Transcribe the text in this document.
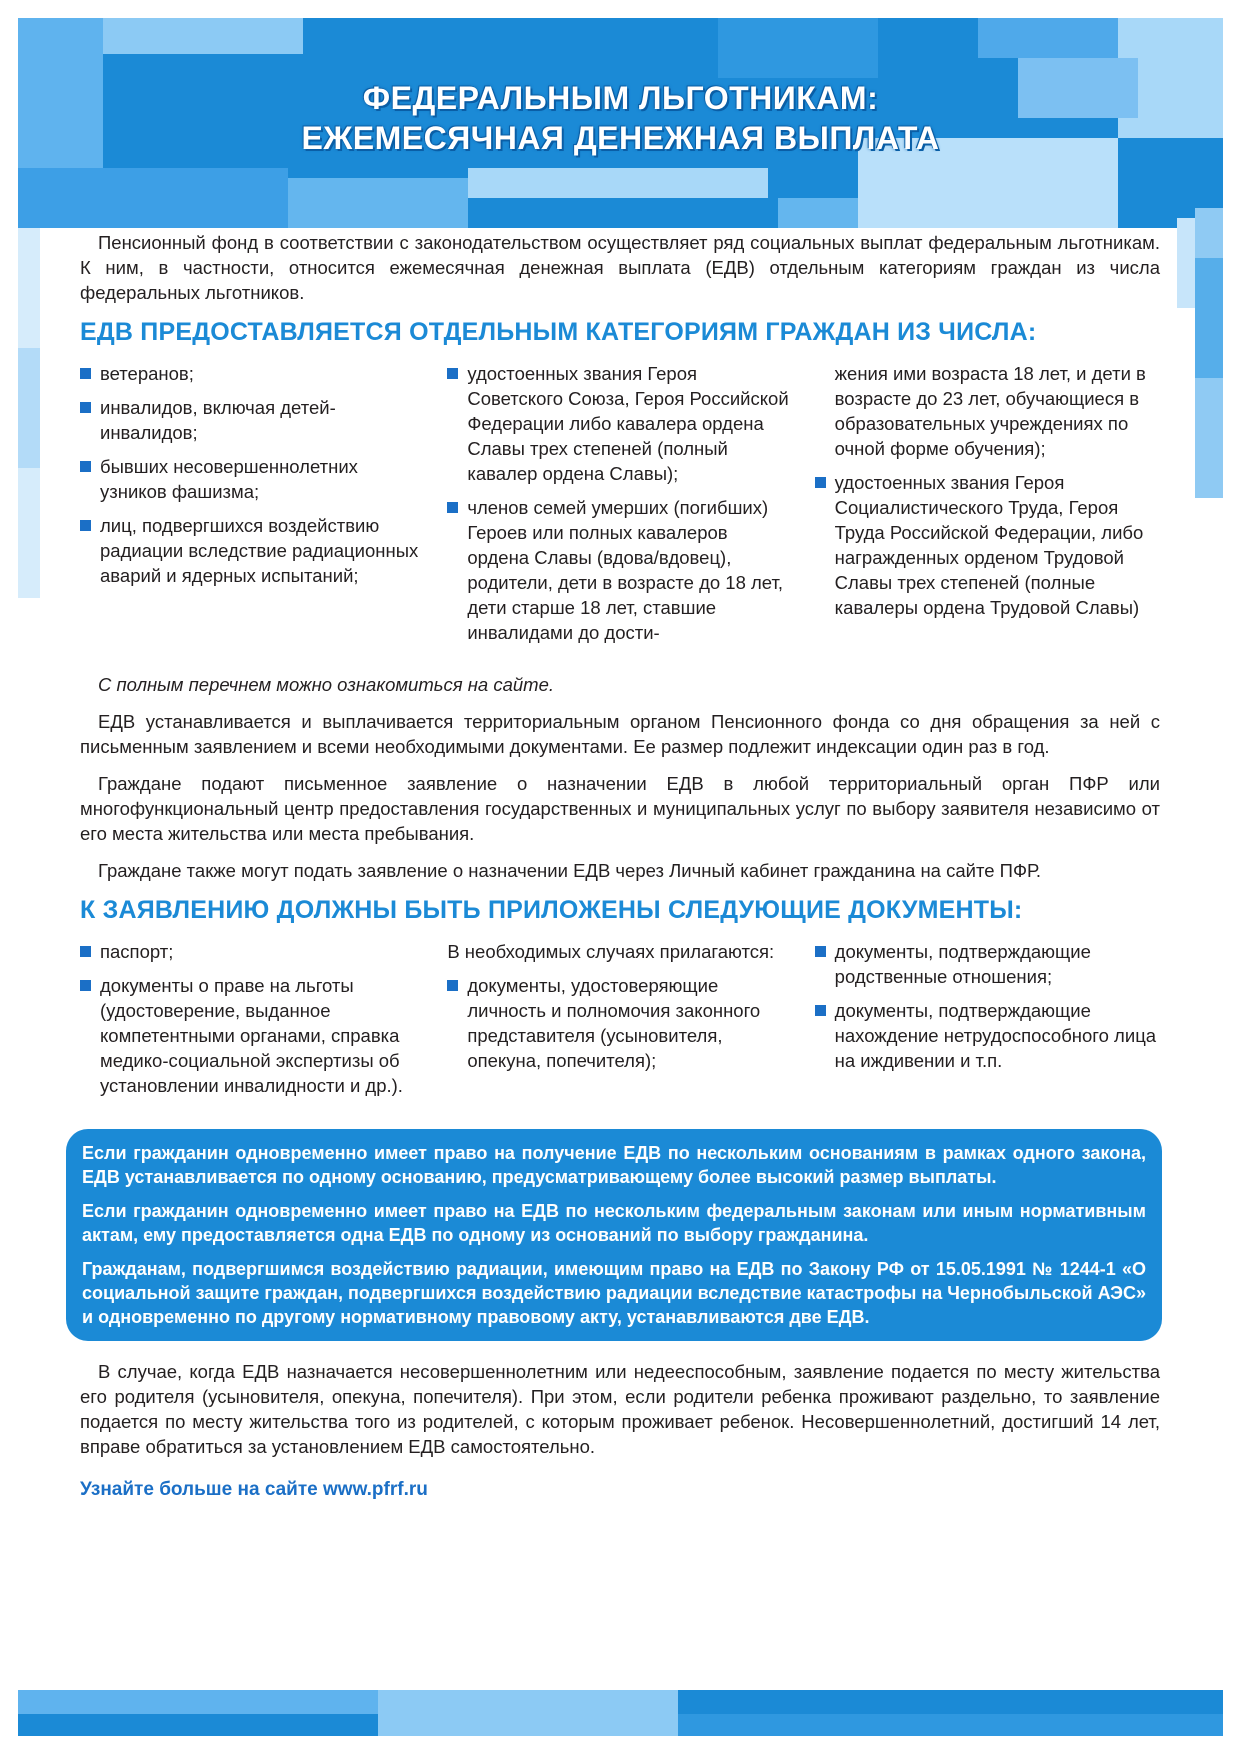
ФЕДЕРАЛЬНЫМ ЛЬГОТНИКАМ:
ЕЖЕМЕСЯЧНАЯ ДЕНЕЖНАЯ ВЫПЛАТА

Пенсионный фонд в соответствии с законодательством осуществляет ряд социальных выплат федеральным льготникам. К ним, в частности, относится ежемесячная денежная выплата (ЕДВ) отдельным категориям граждан из числа федеральных льготников.

ЕДВ ПРЕДОСТАВЛЯЕТСЯ ОТДЕЛЬНЫМ КАТЕГОРИЯМ ГРАЖДАН ИЗ ЧИСЛА:
ветеранов;
инвалидов, включая детей-инвалидов;
бывших несовершеннолетних узников фашизма;
лиц, подвергшихся воздействию радиации вследствие радиационных аварий и ядерных испытаний;
удостоенных звания Героя Советского Союза, Героя Российской Федерации либо кавалера ордена Славы трех степеней (полный кавалер ордена Славы);
членов семей умерших (погибших) Героев или полных кавалеров ордена Славы (вдова/вдовец), родители, дети в возрасте до 18 лет, дети старше 18 лет, ставшие инвалидами до дости-
жения ими возраста 18 лет, и дети в возрасте до 23 лет, обучающиеся в образовательных учреждениях по очной форме обучения);
удостоенных звания Героя Социалистического Труда, Героя Труда Российской Федерации, либо награжденных орденом Трудовой Славы трех степеней (полные кавалеры ордена Трудовой Славы)

С полным перечнем можно ознакомиться на сайте.

ЕДВ устанавливается и выплачивается территориальным органом Пенсионного фонда со дня обращения за ней с письменным заявлением и всеми необходимыми документами. Ее размер подлежит индексации один раз в год.

Граждане подают письменное заявление о назначении ЕДВ в любой территориальный орган ПФР или многофункциональный центр предоставления государственных и муниципальных услуг по выбору заявителя независимо от его места жительства или места пребывания.

Граждане также могут подать заявление о назначении ЕДВ через Личный кабинет гражданина на сайте ПФР.

К ЗАЯВЛЕНИЮ ДОЛЖНЫ БЫТЬ ПРИЛОЖЕНЫ СЛЕДУЮЩИЕ ДОКУМЕНТЫ:
паспорт;
документы о праве на льготы (удостоверение, выданное компетентными органами, справка медико-социальной экспертизы об установлении инвалидности и др.).
В необходимых случаях прилагаются:
документы, удостоверяющие личность и полномочия законного представителя (усыновителя, опекуна, попечителя);
документы, подтверждающие родственные отношения;
документы, подтверждающие нахождение нетрудоспособного лица на иждивении и т.п.

Если гражданин одновременно имеет право на получение ЕДВ по нескольким основаниям в рамках одного закона, ЕДВ устанавливается по одному основанию, предусматривающему более высокий размер выплаты.

Если гражданин одновременно имеет право на ЕДВ по нескольким федеральным законам или иным нормативным актам, ему предоставляется одна ЕДВ по одному из оснований по выбору гражданина.

Гражданам, подвергшимся воздействию радиации, имеющим право на ЕДВ по Закону РФ от 15.05.1991 № 1244-1 «О социальной защите граждан, подвергшихся воздействию радиации вследствие катастрофы на Чернобыльской АЭС» и одновременно по другому нормативному правовому акту, устанавливаются две ЕДВ.

В случае, когда ЕДВ назначается несовершеннолетним или недееспособным, заявление подается по месту жительства его родителя (усыновителя, опекуна, попечителя). При этом, если родители ребенка проживают раздельно, то заявление подается по месту жительства того из родителей, с которым проживает ребенок. Несовершеннолетний, достигший 14 лет, вправе обратиться за установлением ЕДВ самостоятельно.

Узнайте больше на сайте www.pfrf.ru
